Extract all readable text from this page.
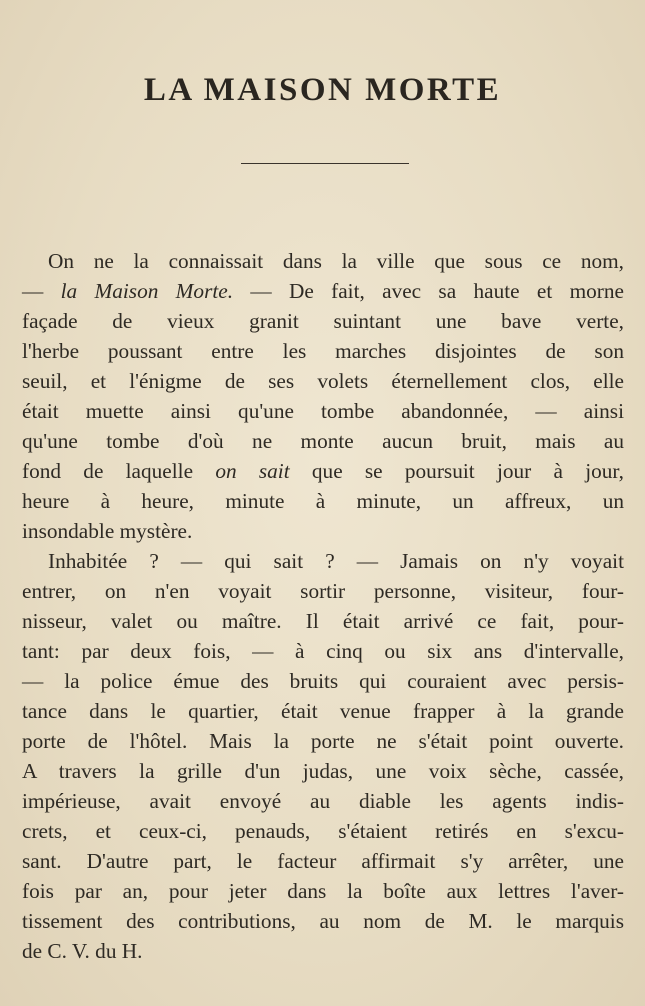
LA MAISON MORTE
On ne la connaissait dans la ville que sous ce nom,
— la Maison Morte. — De fait, avec sa haute et morne
façade de vieux granit suintant une bave verte,
l'herbe poussant entre les marches disjointes de son
seuil, et l'énigme de ses volets éternellement clos, elle
était muette ainsi qu'une tombe abandonnée, — ainsi
qu'une tombe d'où ne monte aucun bruit, mais au
fond de laquelle on sait que se poursuit jour à jour,
heure à heure, minute à minute, un affreux, un
insondable mystère.
Inhabitée ? — qui sait ? — Jamais on n'y voyait
entrer, on n'en voyait sortir personne, visiteur, four-
nisseur, valet ou maître. Il était arrivé ce fait, pour-
tant: par deux fois, — à cinq ou six ans d'intervalle,
— la police émue des bruits qui couraient avec persis-
tance dans le quartier, était venue frapper à la grande
porte de l'hôtel. Mais la porte ne s'était point ouverte.
A travers la grille d'un judas, une voix sèche, cassée,
impérieuse, avait envoyé au diable les agents indis-
crets, et ceux-ci, penauds, s'étaient retirés en s'excu-
sant. D'autre part, le facteur affirmait s'y arrêter, une
fois par an, pour jeter dans la boîte aux lettres l'aver-
tissement des contributions, au nom de M. le marquis
de C. V. du H.
